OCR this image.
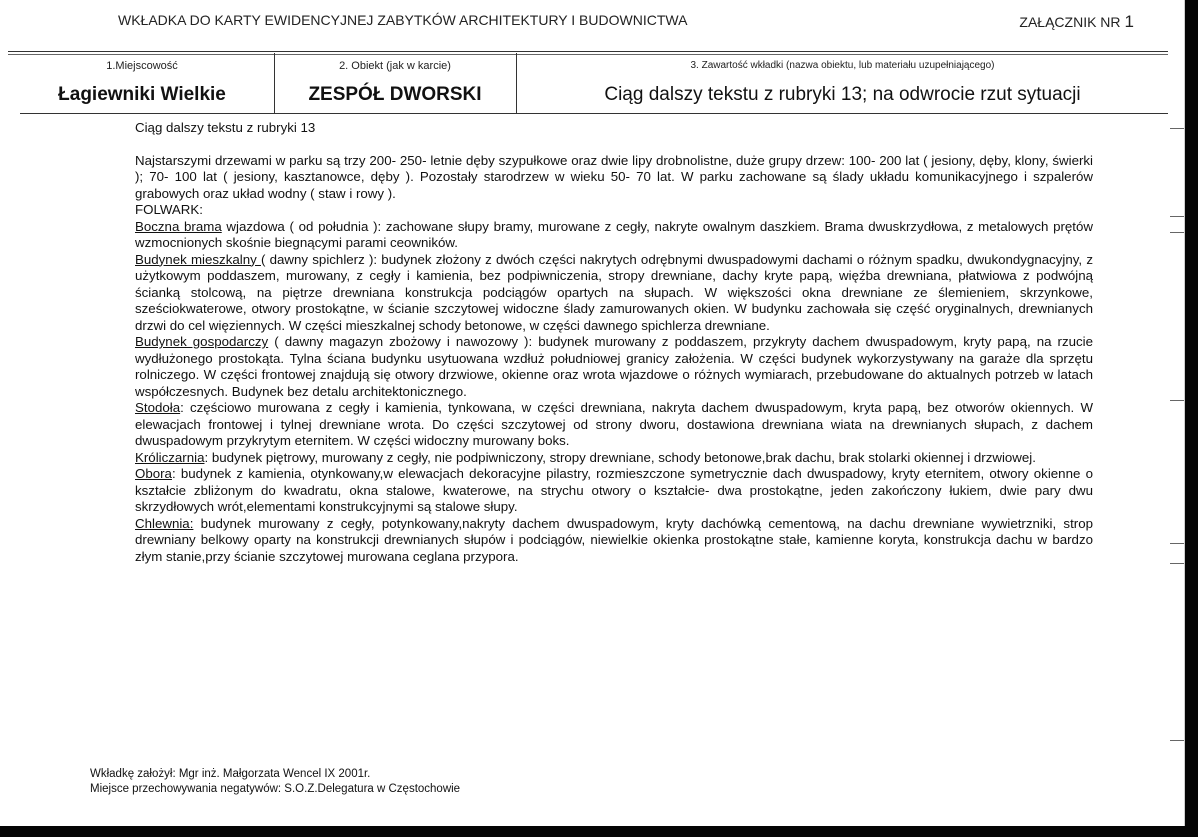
WKŁADKA DO KARTY EWIDENCYJNEJ ZABYTKÓW ARCHITEKTURY I BUDOWNICTWA	ZAŁĄCZNIK NR 1
1.Miejscowość
Łagiewniki Wielkie
2. Obiekt (jak w karcie)
ZESPÓŁ DWORSKI
3. Zawartość wkładki (nazwa obiektu, lub materiału uzupełniającego)
Ciąg dalszy tekstu z rubryki 13; na odwrocie rzut sytuacji

Ciąg dalszy tekstu z rubryki 13

Najstarszymi drzewami w parku są trzy 200- 250- letnie dęby szypułkowe oraz dwie lipy drobnolistne, duże grupy drzew: 100- 200 lat ( jesiony, dęby, klony, świerki ); 70- 100 lat ( jesiony, kasztanowce, dęby ). Pozostały starodrzew w wieku 50- 70 lat. W parku zachowane są ślady układu komunikacyjnego i szpalerów grabowych oraz układ wodny ( staw i rowy ).

FOLWARK:

Boczna brama wjazdowa ( od południa ): zachowane słupy bramy, murowane z cegły, nakryte owalnym daszkiem. Brama dwuskrzydłowa, z metalowych prętów wzmocnionych skośnie biegnącymi parami ceowników.

Budynek mieszkalny ( dawny spichlerz ): budynek złożony z dwóch części nakrytych odrębnymi dwuspadowymi dachami o różnym spadku, dwukondygnacyjny, z użytkowym poddaszem, murowany, z cegły i kamienia, bez podpiwniczenia, stropy drewniane, dachy kryte papą, więźba drewniana, płatwiowa z podwójną ścianką stolcową, na piętrze drewniana konstrukcja podciągów opartych na słupach. W większości okna drewniane ze ślemieniem, skrzynkowe, sześciokwaterowe, otwory prostokątne, w ścianie szczytowej widoczne ślady zamurowanych okien. W budynku zachowała się część oryginalnych, drewnianych drzwi do cel więziennych. W części mieszkalnej schody betonowe, w części dawnego spichlerza drewniane.

Budynek gospodarczy ( dawny magazyn zbożowy i nawozowy ): budynek murowany z poddaszem, przykryty dachem dwuspadowym, kryty papą, na rzucie wydłużonego prostokąta. Tylna ściana budynku usytuowana wzdłuż południowej granicy założenia. W części budynek wykorzystywany na garaże dla sprzętu rolniczego. W części frontowej znajdują się otwory drzwiowe, okienne oraz wrota wjazdowe o różnych wymiarach, przebudowane do aktualnych potrzeb w latach współczesnych. Budynek bez detalu architektonicznego.

Stodoła: częściowo murowana z cegły i kamienia, tynkowana, w części drewniana, nakryta dachem dwuspadowym, kryta papą, bez otworów okiennych. W elewacjach frontowej i tylnej drewniane wrota. Do części szczytowej od strony dworu, dostawiona drewniana wiata na drewnianych słupach, z dachem dwuspadowym przykrytym eternitem. W części widoczny murowany boks.

Króliczarnia: budynek piętrowy, murowany z cegły, nie podpiwniczony, stropy drewniane, schody betonowe,brak dachu, brak stolarki okiennej i drzwiowej.

Obora: budynek z kamienia, otynkowany,w elewacjach dekoracyjne pilastry, rozmieszczone symetrycznie dach dwuspadowy, kryty eternitem, otwory okienne o kształcie zbliżonym do kwadratu, okna stalowe, kwaterowe, na strychu otwory o kształcie- dwa prostokątne, jeden zakończony łukiem, dwie pary dwu skrzydłowych wrót,elementami konstrukcyjnymi są stalowe słupy.

Chlewnia: budynek murowany z cegły, potynkowany,nakryty dachem dwuspadowym, kryty dachówką cementową, na dachu drewniane wywietrzniki, strop drewniany belkowy oparty na konstrukcji drewnianych słupów i podciągów, niewielkie okienka prostokątne stałe, kamienne koryta, konstrukcja dachu w bardzo złym stanie,przy ścianie szczytowej murowana ceglana przypora.

Wkładkę założył: Mgr inż. Małgorzata Wencel IX 2001r.
Miejsce przechowywania negatywów: S.O.Z.Delegatura w Częstochowie
